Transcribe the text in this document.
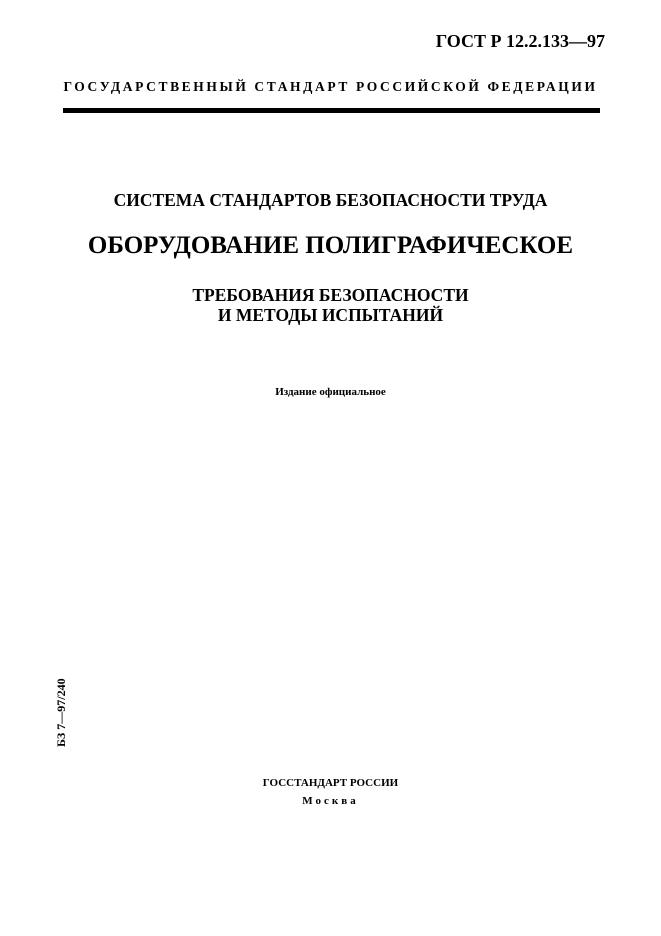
ГОСТ Р 12.2.133—97
ГОСУДАРСТВЕННЫЙ СТАНДАРТ РОССИЙСКОЙ ФЕДЕРАЦИИ
СИСТЕМА СТАНДАРТОВ БЕЗОПАСНОСТИ ТРУДА
ОБОРУДОВАНИЕ ПОЛИГРАФИЧЕСКОЕ
ТРЕБОВАНИЯ БЕЗОПАСНОСТИ
И МЕТОДЫ ИСПЫТАНИЙ
Издание официальное
БЗ 7—97/240
ГОССТАНДАРТ РОССИИ
Москва
